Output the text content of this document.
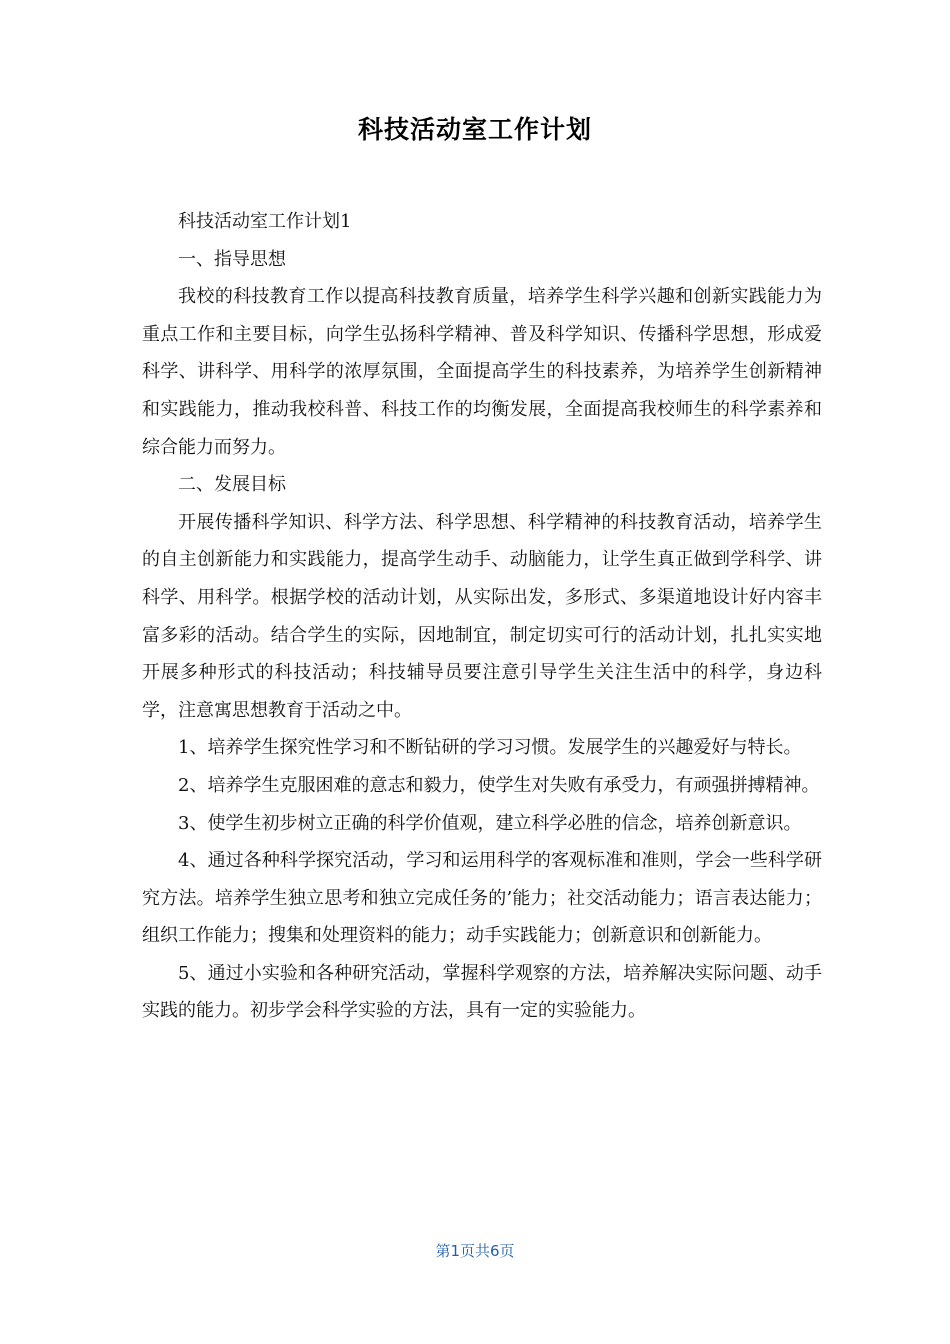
科技活动室工作计划

科技活动室工作计划1

一、指导思想

我校的科技教育工作以提高科技教育质量，培养学生科学兴趣和创新实践能力为重点工作和主要目标，向学生弘扬科学精神、普及科学知识、传播科学思想，形成爱科学、讲科学、用科学的浓厚氛围，全面提高学生的科技素养，为培养学生创新精神和实践能力，推动我校科普、科技工作的均衡发展，全面提高我校师生的科学素养和综合能力而努力。

二、发展目标

开展传播科学知识、科学方法、科学思想、科学精神的科技教育活动，培养学生的自主创新能力和实践能力，提高学生动手、动脑能力，让学生真正做到学科学、讲科学、用科学。根据学校的活动计划，从实际出发，多形式、多渠道地设计好内容丰富多彩的活动。结合学生的实际，因地制宜，制定切实可行的活动计划，扎扎实实地开展多种形式的科技活动；科技辅导员要注意引导学生关注生活中的科学，身边科学，注意寓思想教育于活动之中。

1、培养学生探究性学习和不断钻研的学习习惯。发展学生的兴趣爱好与特长。

2、培养学生克服困难的意志和毅力，使学生对失败有承受力，有顽强拼搏精神。

3、使学生初步树立正确的科学价值观，建立科学必胜的信念，培养创新意识。

4、通过各种科学探究活动，学习和运用科学的客观标准和准则，学会一些科学研究方法。培养学生独立思考和独立完成任务的’能力；社交活动能力；语言表达能力；组织工作能力；搜集和处理资料的能力；动手实践能力；创新意识和创新能力。

5、通过小实验和各种研究活动，掌握科学观察的方法，培养解决实际问题、动手实践的能力。初步学会科学实验的方法，具有一定的实验能力。

第1页共6页
